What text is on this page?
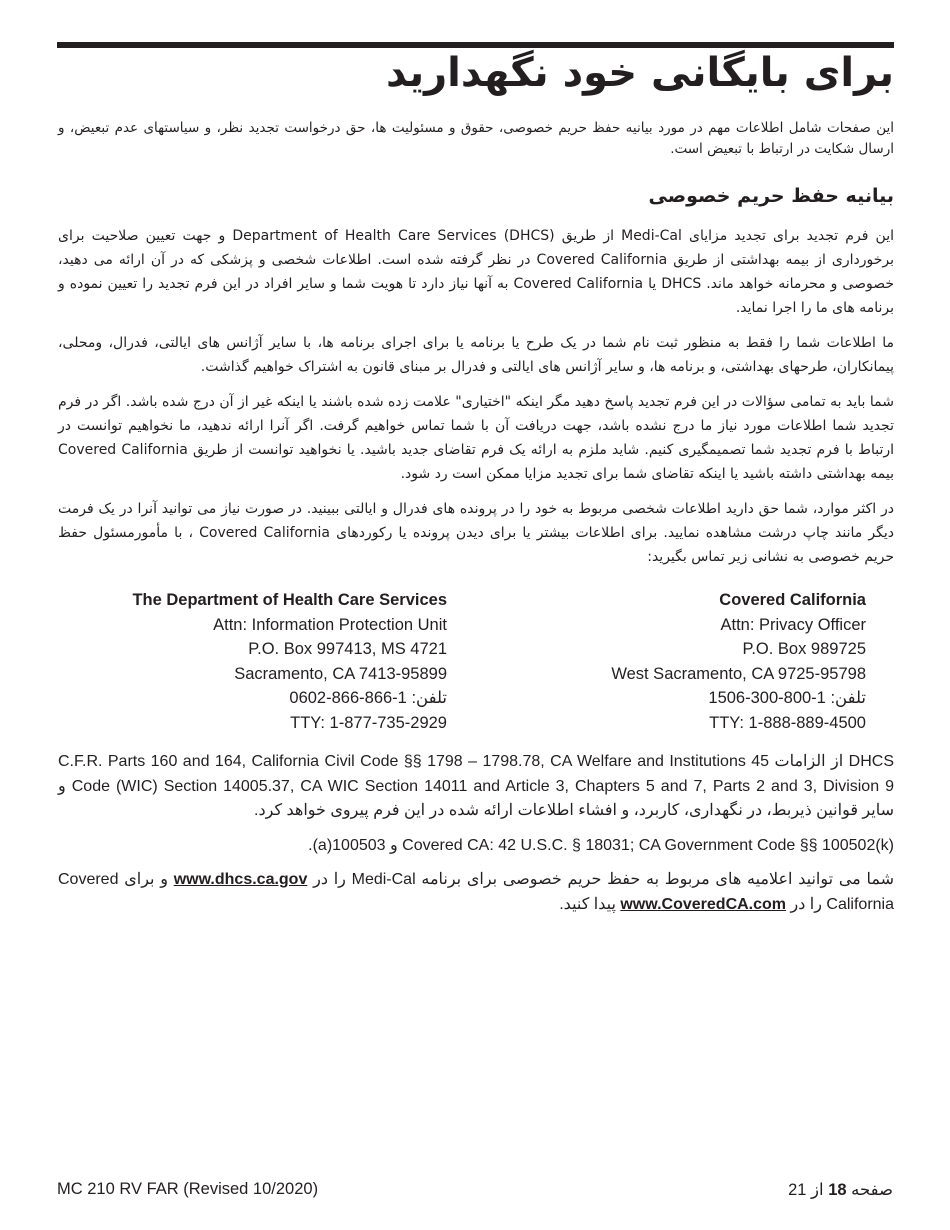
برای بایگانی خود نگهدارید

این صفحات شامل اطلاعات مهم در مورد بیانیه حفظ حریم خصوصی، حقوق و مسئولیت ها، حق درخواست تجدید نظر، و سیاستهای عدم تبعیض، و ارسال شکایت در ارتباط با تبعیض است.

بیانیه حفظ حریم خصوصی

این فرم تجدید برای تجدید مزایای Medi-Cal از طریق Department of Health Care Services (DHCS) و جهت تعیین صلاحیت برای برخورداری از بیمه بهداشتی از طریق Covered California در نظر گرفته شده است. اطلاعات شخصی و پزشکی که در آن ارائه می دهید، خصوصی و محرمانه خواهد ماند. DHCS یا Covered California به آنها نیاز دارد تا هویت شما و سایر افراد در این فرم تجدید را تعیین نموده و برنامه های ما را اجرا نماید.

ما اطلاعات شما را فقط به منظور ثبت نام شما در یک طرح یا برنامه یا برای اجرای برنامه ها، با سایر آژانس های ایالتی، فدرال، ومحلی، پیمانکاران، طرحهای بهداشتی، و برنامه ها، و سایر آژانس های ایالتی و فدرال بر مبنای قانون به اشتراک خواهیم گذاشت.

شما باید به تمامی سؤالات در این فرم تجدید پاسخ دهید مگر اینکه "اختیاری" علامت زده شده باشند یا اینکه غیر از آن درج شده باشد. اگر در فرم تجدید شما اطلاعات مورد نیاز ما درج نشده باشد، جهت دریافت آن با شما تماس خواهیم گرفت. اگر آنرا ارائه ندهید، ما نخواهیم توانست در ارتباط با فرم تجدید شما تصمیمگیری کنیم. شاید ملزم به ارائه یک فرم تقاضای جدید باشید. یا نخواهید توانست از طریق Covered California بیمه بهداشتی داشته باشید یا اینکه تقاضای شما برای تجدید مزایا ممکن است رد شود.

در اکثر موارد، شما حق دارید اطلاعات شخصی مربوط به خود را در پرونده های فدرال و ایالتی ببینید. در صورت نیاز می توانید آنرا در یک فرمت دیگر مانند چاپ درشت مشاهده نمایید. برای اطلاعات بیشتر یا برای دیدن پرونده یا رکوردهای Covered California ، با مأمورمسئول حفظ حریم خصوصی به نشانی زیر تماس بگیرید:

The Department of Health Care Services
Attn: Information Protection Unit
P.O. Box 997413, MS 4721
Sacramento, CA 7413-95899
تلفن: 1-866-866-0602
TTY: 1-877-735-2929
Covered California
Attn: Privacy Officer
P.O. Box 989725
West Sacramento, CA 9725-95798
تلفن: 1-800-300-1506
TTY: 1-888-889-4500

DHCS از الزامات 45 C.F.R. Parts 160 and 164, California Civil Code §§ 1798 – 1798.78, CA Welfare and Institutions Code (WIC) Section 14005.37, CA WIC Section 14011 and Article 3, Chapters 5 and 7, Parts 2 and 3, Division 9 و سایر قوانین ذیربط، در نگهداری، کاربرد، و افشاء اطلاعات ارائه شده در این فرم پیروی خواهد کرد.

Covered CA: 42 U.S.C. § 18031; CA Government Code §§ 100502(k) و 100503(a).

شما می توانید اعلامیه های مربوط به حفظ حریم خصوصی برای برنامه Medi-Cal را در www.dhcs.ca.gov و برای Covered California را در www.CoveredCA.com پیدا کنید.

MC 210 RV FAR (Revised 10/2020)	صفحه 18 از 21
